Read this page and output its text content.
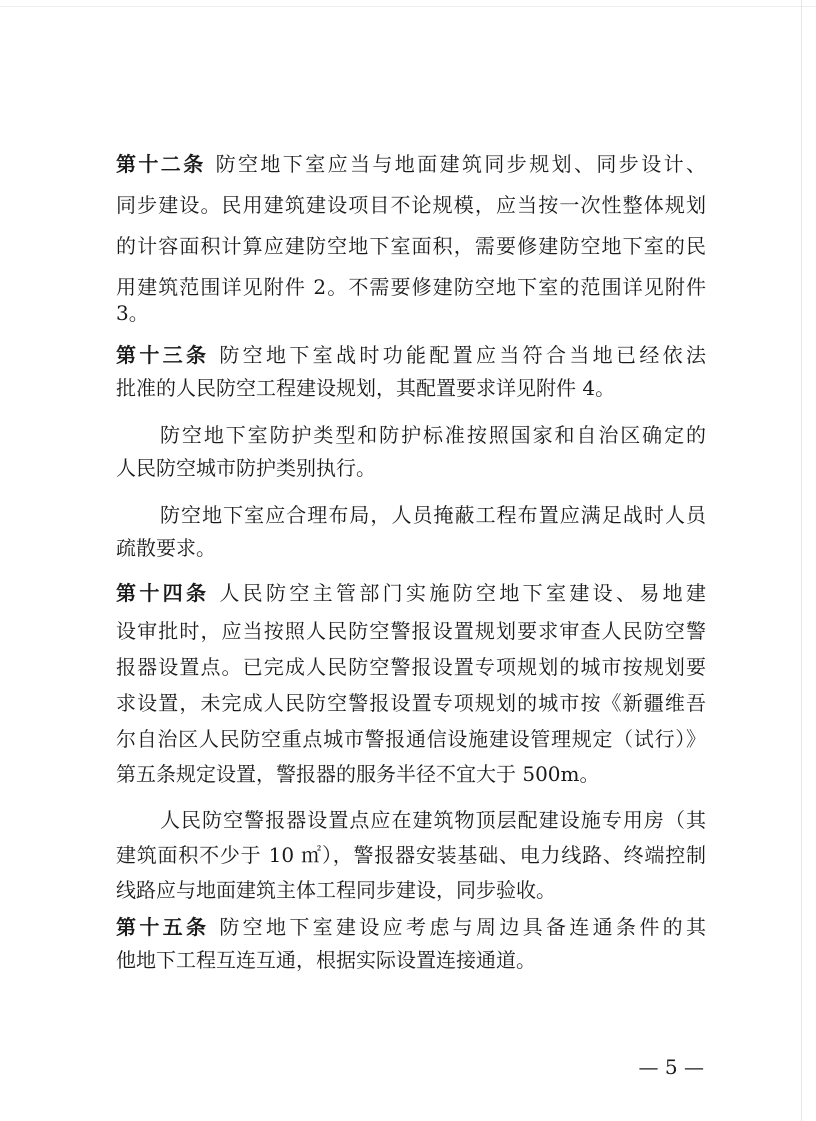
第十二条 防空地下室应当与地面建筑同步规划、同步设计、
同步建设。民用建筑建设项目不论规模，应当按一次性整体规划
的计容面积计算应建防空地下室面积，需要修建防空地下室的民
用建筑范围详见附件 2。不需要修建防空地下室的范围详见附件
3。
第十三条 防空地下室战时功能配置应当符合当地已经依法
批准的人民防空工程建设规划，其配置要求详见附件 4。
防空地下室防护类型和防护标准按照国家和自治区确定的
人民防空城市防护类别执行。
防空地下室应合理布局，人员掩蔽工程布置应满足战时人员
疏散要求。
第十四条 人民防空主管部门实施防空地下室建设、易地建
设审批时，应当按照人民防空警报设置规划要求审查人民防空警
报器设置点。已完成人民防空警报设置专项规划的城市按规划要
求设置，未完成人民防空警报设置专项规划的城市按《新疆维吾
尔自治区人民防空重点城市警报通信设施建设管理规定（试行）》
第五条规定设置，警报器的服务半径不宜大于 500m。
人民防空警报器设置点应在建筑物顶层配建设施专用房（其
建筑面积不少于 10 ㎡），警报器安装基础、电力线路、终端控制
线路应与地面建筑主体工程同步建设，同步验收。
第十五条 防空地下室建设应考虑与周边具备连通条件的其
他地下工程互连互通，根据实际设置连接通道。
— 5 —
